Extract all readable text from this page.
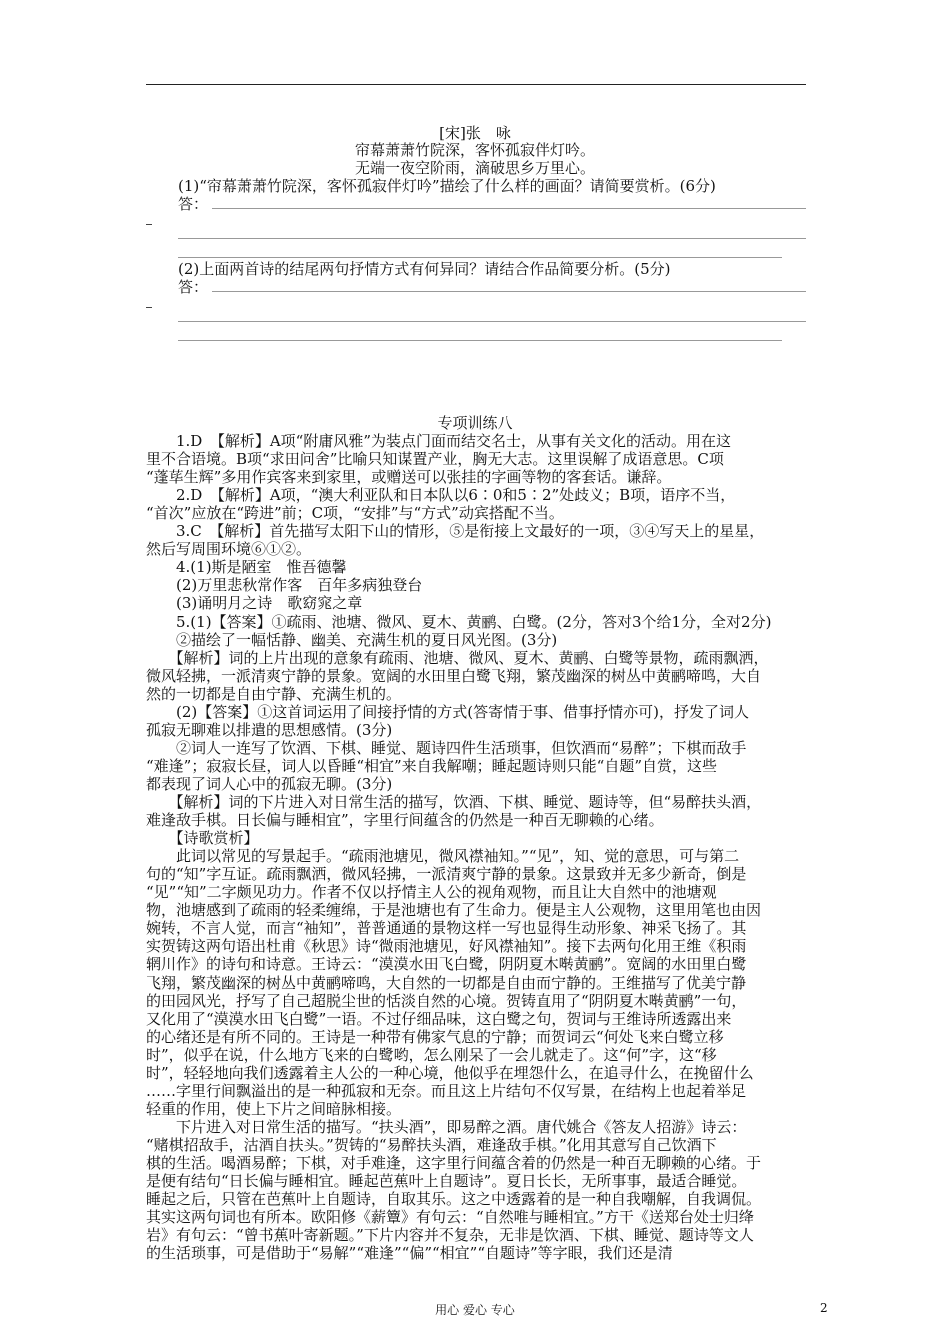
[宋]张　咏
帘幕萧萧竹院深，客怀孤寂伴灯吟。
无端一夜空阶雨，滴破思乡万里心。
(1)“帘幕萧萧竹院深，客怀孤寂伴灯吟”描绘了什么样的画面？请简要赏析。(6分)
答：
(2)上面两首诗的结尾两句抒情方式有何异同？请结合作品简要分析。(5分)
答：
专项训练八
　　1.D　【解析】A项“附庸风雅”为装点门面而结交名士，从事有关文化的活动。用在这
里不合语境。B项“求田问舍”比喻只知谋置产业，胸无大志。这里误解了成语意思。C项
“蓬荜生辉”多用作宾客来到家里，或赠送可以张挂的字画等物的客套话。谦辞。
　　2.D　【解析】A项，“澳大利亚队和日本队以6∶0和5∶2”处歧义；B项，语序不当，
“首次”应放在“跨进”前；C项，“安排”与“方式”动宾搭配不当。
　　3.C　【解析】首先描写太阳下山的情形，⑤是衔接上文最好的一项，③④写天上的星星，
然后写周围环境⑥①②。
　　4.(1)斯是陋室　惟吾德馨
　　(2)万里悲秋常作客　百年多病独登台
　　(3)诵明月之诗　歌窈窕之章
　　5.(1)【答案】①疏雨、池塘、微风、夏木、黄鹂、白鹭。(2分，答对3个给1分，全对2分)
　　②描绘了一幅恬静、幽美、充满生机的夏日风光图。(3分)
　　【解析】词的上片出现的意象有疏雨、池塘、微风、夏木、黄鹂、白鹭等景物，疏雨飘洒，
微风轻拂，一派清爽宁静的景象。宽阔的水田里白鹭飞翔，繁茂幽深的树丛中黄鹂啼鸣，大自
然的一切都是自由宁静、充满生机的。
　　(2)【答案】①这首词运用了间接抒情的方式(答寄情于事、借事抒情亦可)，抒发了词人
孤寂无聊难以排遣的思想感情。(3分)
　　②词人一连写了饮酒、下棋、睡觉、题诗四件生活琐事，但饮酒而“易醉”；下棋而敌手
“难逢”；寂寂长昼，词人以昏睡“相宜”来自我解嘲；睡起题诗则只能“自题”自赏，这些
都表现了词人心中的孤寂无聊。(3分)
　　【解析】词的下片进入对日常生活的描写，饮酒、下棋、睡觉、题诗等，但“易醉扶头酒，
难逢敌手棋。日长偏与睡相宜”，字里行间蕴含的仍然是一种百无聊赖的心绪。
　　【诗歌赏析】
　　此词以常见的写景起手。“疏雨池塘见，微风襟袖知。”“见”，知、觉的意思，可与第二
句的“知”字互证。疏雨飘洒，微风轻拂，一派清爽宁静的景象。这景致并无多少新奇，倒是
“见”“知”二字颇见功力。作者不仅以抒情主人公的视角观物，而且让大自然中的池塘观
物，池塘感到了疏雨的轻柔缠绵，于是池塘也有了生命力。便是主人公观物，这里用笔也由因
婉转，不言人觉，而言“袖知”，普普通通的景物这样一写也显得生动形象、神采飞扬了。其
实贺铸这两句语出杜甫《秋思》诗“微雨池塘见，好风襟袖知”。接下去两句化用王维《积雨
辋川作》的诗句和诗意。王诗云：“漠漠水田飞白鹭，阴阴夏木啭黄鹂”。宽阔的水田里白鹭
飞翔，繁茂幽深的树丛中黄鹂啼鸣，大自然的一切都是自由而宁静的。王维描写了优美宁静
的田园风光，抒写了自己超脱尘世的恬淡自然的心境。贺铸直用了“阴阴夏木啭黄鹂”一句，
又化用了“漠漠水田飞白鹭”一语。不过仔细品味，这白鹭之句，贺词与王维诗所透露出来
的心绪还是有所不同的。王诗是一种带有佛家气息的宁静；而贺词云“何处飞来白鹭立移
时”，似乎在说，什么地方飞来的白鹭哟，怎么刚呆了一会儿就走了。这“何”字，这“移
时”，轻轻地向我们透露着主人公的一种心境，他似乎在埋怨什么，在追寻什么，在挽留什么
……字里行间飘溢出的是一种孤寂和无奈。而且这上片结句不仅写景，在结构上也起着举足
轻重的作用，使上下片之间暗脉相接。
　　下片进入对日常生活的描写。“扶头酒”，即易醉之酒。唐代姚合《答友人招游》诗云：
“赌棋招敌手，沽酒自扶头。”贺铸的“易醉扶头酒，难逢敌手棋。”化用其意写自己饮酒下
棋的生活。喝酒易醉；下棋，对手难逢，这字里行间蕴含着的仍然是一种百无聊赖的心绪。于
是便有结句“日长偏与睡相宜。睡起芭蕉叶上自题诗”。夏日长长，无所事事，最适合睡觉。
睡起之后，只管在芭蕉叶上自题诗，自取其乐。这之中透露着的是一种自我嘲解，自我调侃。
其实这两句词也有所本。欧阳修《薪簟》有句云：“自然唯与睡相宜。”方干《送郑台处士归绛
岩》有句云：“曾书蕉叶寄新题。”下片内容并不复杂，无非是饮酒、下棋、睡觉、题诗等文人
的生活琐事，可是借助于“易解”“难逢”“偏”“相宜”“自题诗”等字眼，我们还是清
用心 爱心 专心	2
